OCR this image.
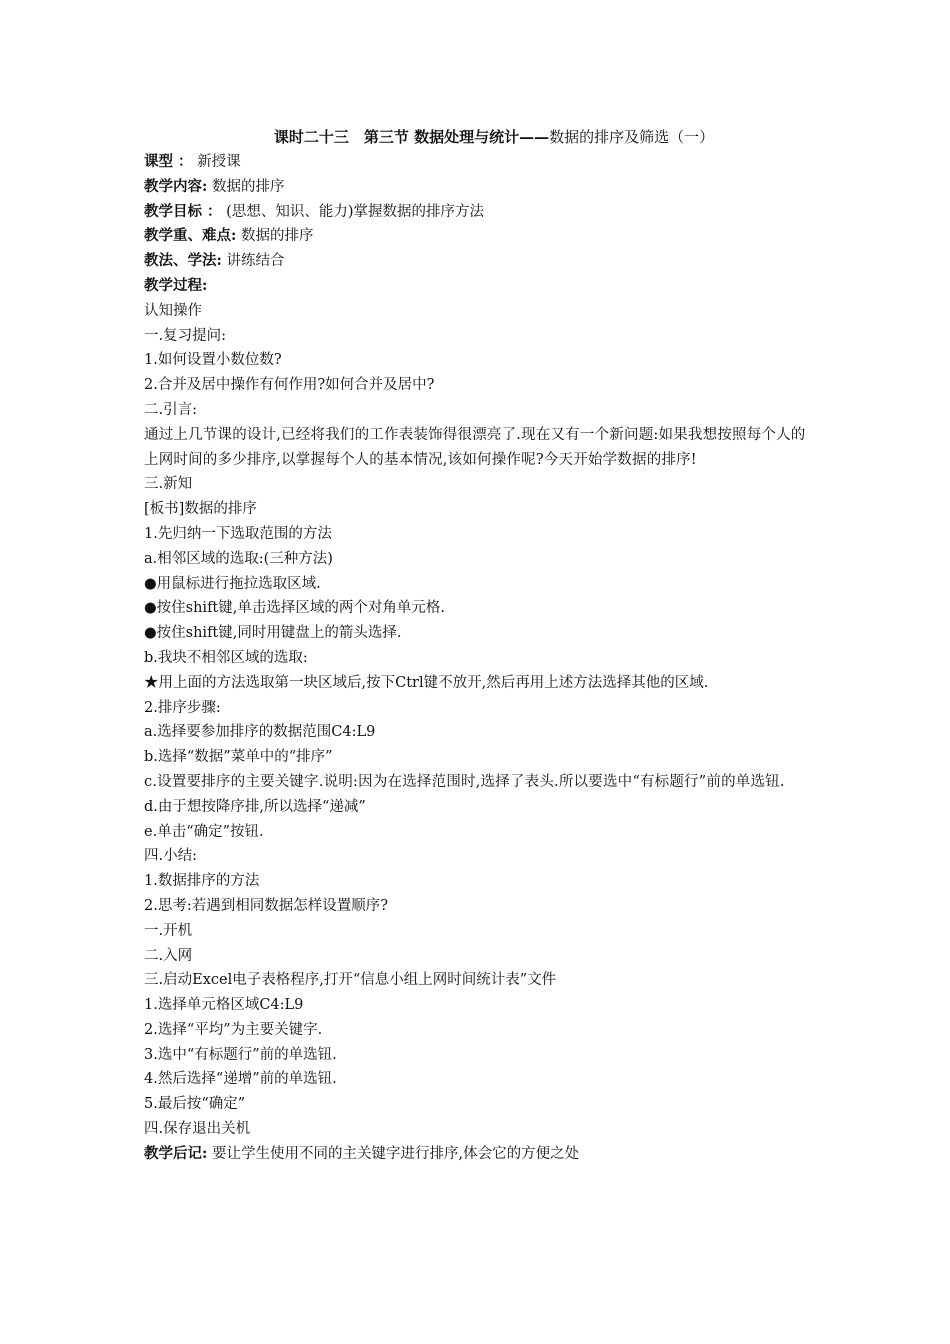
课时二十三　第三节 数据处理与统计——数据的排序及筛选（一）
课型 ： 新授课
教学内容: 数据的排序
教学目标 ： (思想、知识、能力)掌握数据的排序方法
教学重、难点: 数据的排序
教法、学法: 讲练结合
教学过程:
认知操作
一.复习提问:
1.如何设置小数位数?
2.合并及居中操作有何作用?如何合并及居中?
二.引言:
通过上几节课的设计,已经将我们的工作表装饰得很漂亮了.现在又有一个新问题:如果我想按照每个人的上网时间的多少排序,以掌握每个人的基本情况,该如何操作呢?今天开始学数据的排序!
三.新知
[板书]数据的排序
1.先归纳一下选取范围的方法
a.相邻区域的选取:(三种方法)
●用鼠标进行拖拉选取区域.
●按住shift键,单击选择区域的两个对角单元格.
●按住shift键,同时用键盘上的箭头选择.
b.我块不相邻区域的选取:
★用上面的方法选取第一块区域后,按下Ctrl键不放开,然后再用上述方法选择其他的区域.
2.排序步骤:
a.选择要参加排序的数据范围C4:L9
b.选择“数据”菜单中的“排序”
c.设置要排序的主要关键字.说明:因为在选择范围时,选择了表头.所以要选中“有标题行”前的单选钮.
d.由于想按降序排,所以选择“递减”
e.单击“确定”按钮.
四.小结:
1.数据排序的方法
2.思考:若遇到相同数据怎样设置顺序?
一.开机
二.入网
三.启动Excel电子表格程序,打开“信息小组上网时间统计表”文件
1.选择单元格区域C4:L9
2.选择“平均”为主要关键字.
3.选中“有标题行”前的单选钮.
4.然后选择“递增”前的单选钮.
5.最后按“确定”
四.保存退出关机
教学后记: 要让学生使用不同的主关键字进行排序,体会它的方便之处
